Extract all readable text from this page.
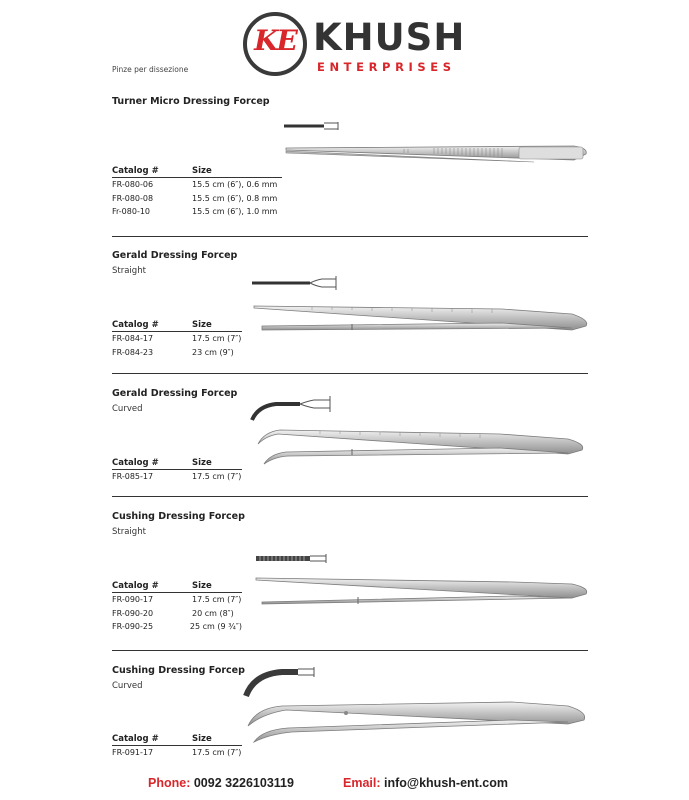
KE KHUSH
ENTERPRISES
Pinze per dissezione
Turner Micro Dressing Forcep
Catalog #	Size
FR-080-06	15.5 cm (6″), 0.6 mm
FR-080-08	15.5 cm (6″), 0.8 mm
Fr-080-10	15.5 cm (6″), 1.0 mm
Gerald Dressing Forcep
Straight
Catalog #	Size
FR-084-17	17.5 cm (7″)
FR-084-23	23 cm (9″)
Gerald Dressing Forcep
Curved
Catalog #	Size
FR-085-17	17.5 cm (7″)
Cushing Dressing Forcep
Straight
Catalog #	Size
FR-090-17	17.5 cm (7″)
FR-090-20	20 cm (8″)
FR-090-25	25 cm (9 ¾″)
Cushing Dressing Forcep
Curved
Catalog #	Size
FR-091-17	17.5 cm (7″)
Phone: 0092 3226103119	Email: info@khush-ent.com
